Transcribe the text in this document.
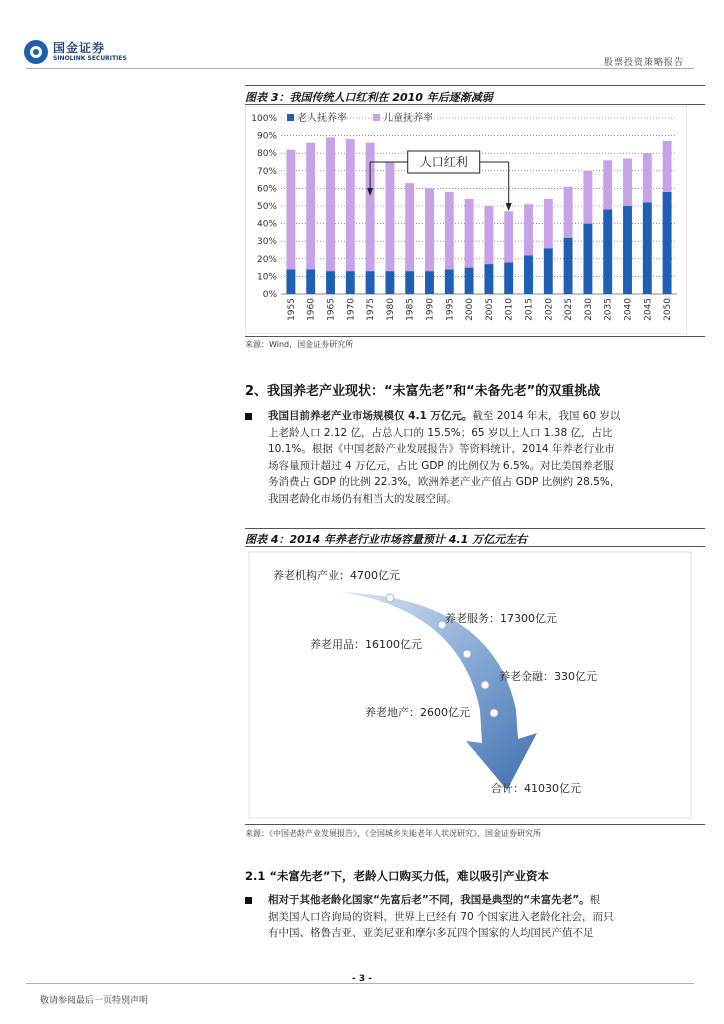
国金证券
SINOLINK SECURITIES	股票投资策略报告
图表 3：我国传统人口红利在 2010 年后逐渐减弱
0%
10%
20%
30%
40%
50%
60%
70%
80%
90%
100%
1955 1960 1965 1970 1975 1980 1985 1990 1995 2000 2005 2010 2015 2020 2025 2030 2035 2040 2045 2050
老人抚养率	儿童抚养率
人口红利
来源：Wind，国金证券研究所
2、我国养老产业现状：“未富先老”和“未备先老”的双重挑战
我国目前养老产业市场规模仅 4.1 万亿元。截至 2014 年末，我国 60 岁以
上老龄人口 2.12 亿，占总人口的 15.5%；65 岁以上人口 1.38 亿，占比
10.1%。根据《中国老龄产业发展报告》等资料统计，2014 年养老行业市
场容量预计超过 4 万亿元，占比 GDP 的比例仅为 6.5%。对比美国养老服
务消费占 GDP 的比例 22.3%，欧洲养老产业产值占 GDP 比例约 28.5%，
我国老龄化市场仍有相当大的发展空间。
图表 4：2014 年养老行业市场容量预计 4.1 万亿元左右
养老机构产业：4700亿元
养老服务：17300亿元
养老用品：16100亿元
养老金融：330亿元
养老地产：2600亿元
合计：41030亿元
来源：《中国老龄产业发展报告》、《全国城乡失能老年人状况研究》、国金证券研究所
2.1 “未富先老”下，老龄人口购买力低，难以吸引产业资本
相对于其他老龄化国家“先富后老”不同，我国是典型的“未富先老”。根
据美国人口咨询局的资料，世界上已经有 70 个国家进入老龄化社会，而只
有中国、格鲁吉亚、亚美尼亚和摩尔多瓦四个国家的人均国民产值不足
- 3 -
敬请参阅最后一页特别声明
